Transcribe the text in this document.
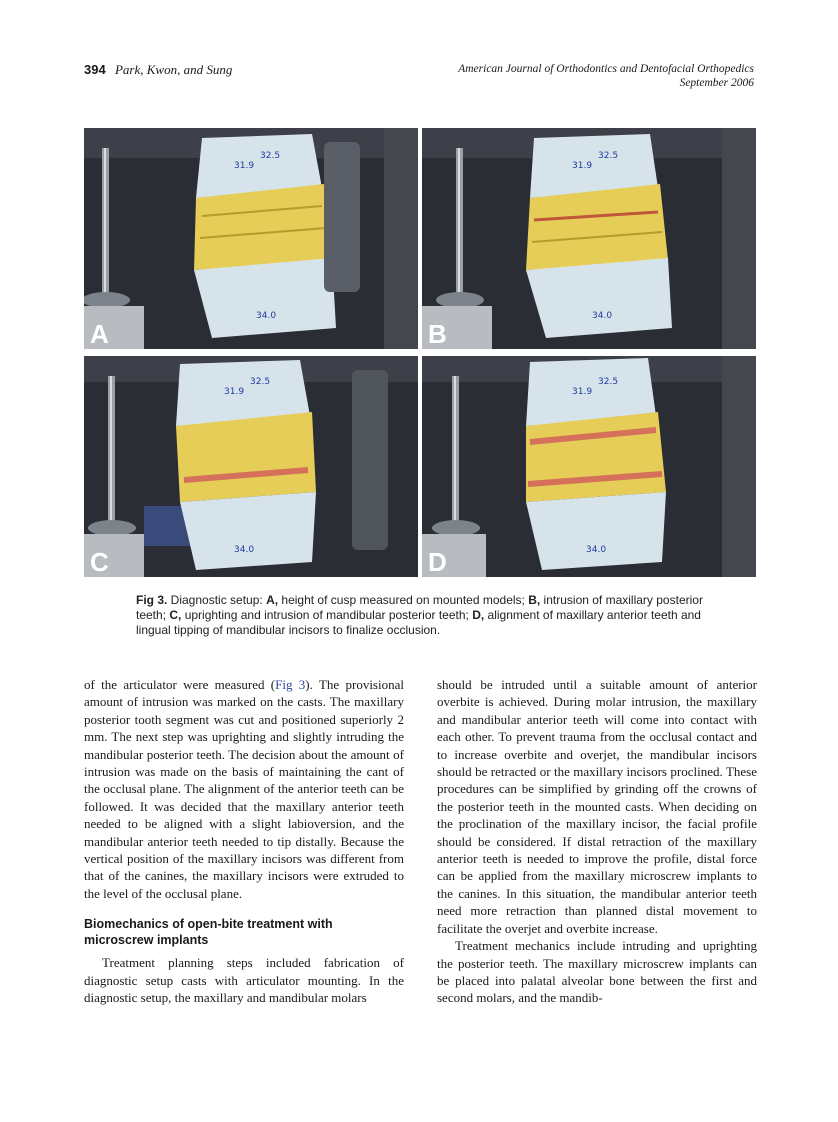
394 Park, Kwon, and Sung	American Journal of Orthodontics and Dentofacial Orthopedics
September 2006
31.9
32.5
34.0
A
31.9
32.5
34.0
B
31.9
32.5
34.0
C
31.9
32.5
34.0
D
Fig 3. Diagnostic setup: A, height of cusp measured on mounted models; B, intrusion of maxillary posterior teeth; C, uprighting and intrusion of mandibular posterior teeth; D, alignment of maxillary anterior teeth and lingual tipping of mandibular incisors to finalize occlusion.

of the articulator were measured (Fig 3). The provisional amount of intrusion was marked on the casts. The maxillary posterior tooth segment was cut and positioned superiorly 2 mm. The next step was uprighting and slightly intruding the mandibular posterior teeth. The decision about the amount of intrusion was made on the basis of maintaining the cant of the occlusal plane. The alignment of the anterior teeth can be followed. It was decided that the maxillary anterior teeth needed to be aligned with a slight labioversion, and the mandibular anterior teeth needed to tip distally. Because the vertical position of the maxillary incisors was different from that of the canines, the maxillary incisors were extruded to the level of the occlusal plane.

Biomechanics of open-bite treatment with microscrew implants

Treatment planning steps included fabrication of diagnostic setup casts with articulator mounting. In the diagnostic setup, the maxillary and mandibular molars

should be intruded until a suitable amount of anterior overbite is achieved. During molar intrusion, the maxillary and mandibular anterior teeth will come into contact with each other. To prevent trauma from the occlusal contact and to increase overbite and overjet, the mandibular incisors should be retracted or the maxillary incisors proclined. These procedures can be simplified by grinding off the crowns of the posterior teeth in the mounted casts. When deciding on the proclination of the maxillary incisor, the facial profile should be considered. If distal retraction of the maxillary anterior teeth is needed to improve the profile, distal force can be applied from the maxillary microscrew implants to the canines. In this situation, the mandibular anterior teeth need more retraction than planned distal movement to facilitate the overjet and overbite increase.

Treatment mechanics include intruding and uprighting the posterior teeth. The maxillary microscrew implants can be placed into palatal alveolar bone between the first and second molars, and the mandib-
